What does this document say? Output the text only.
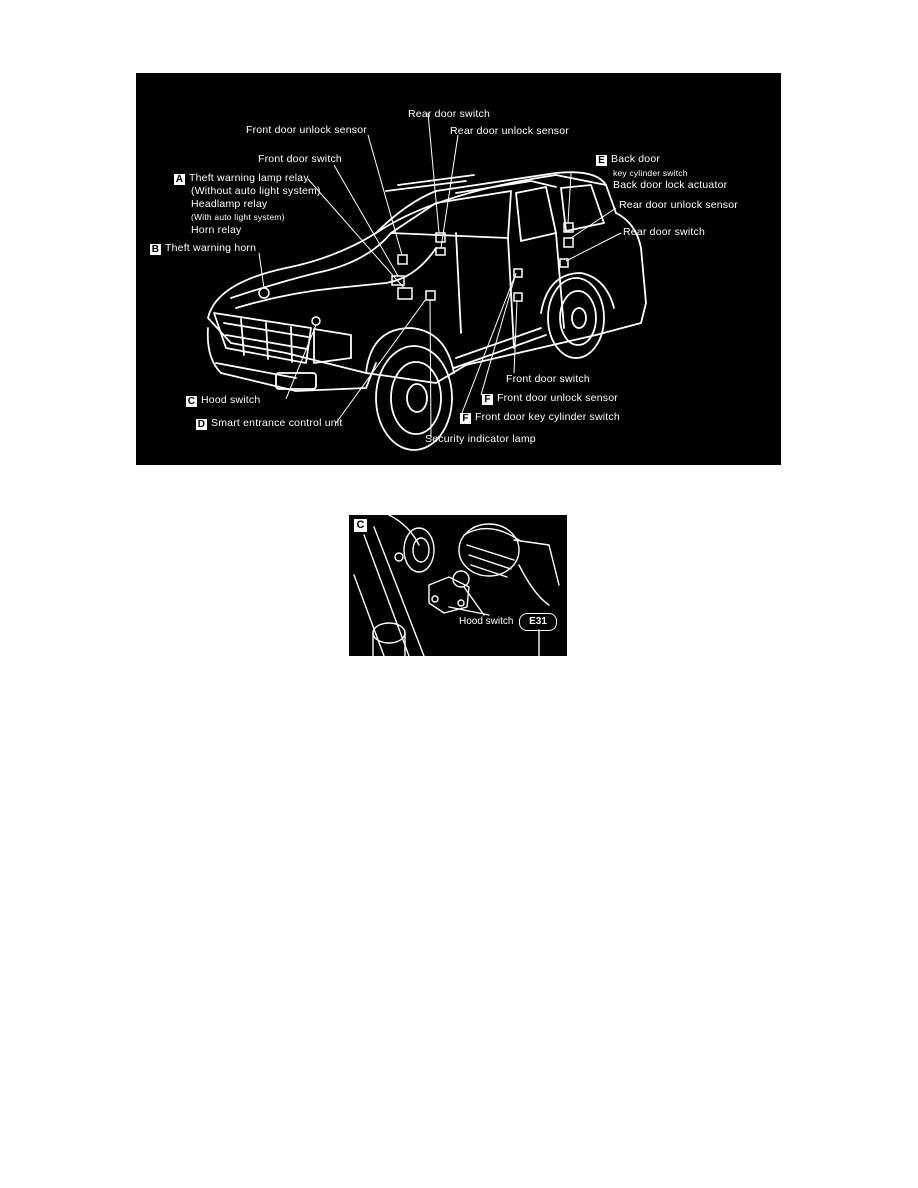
Rear door switch
Front door unlock sensor	Rear door unlock sensor
Front door switch
A Theft warning lamp relay
(Without auto light system)
Headlamp relay
(With auto light system)
Horn relay
B Theft warning horn
E Back door
key cylinder switch
Back door lock actuator
Rear door unlock sensor
Rear door switch
C Hood switch
D Smart entrance control unit
Front door switch
F Front door unlock sensor
F Front door key cylinder switch
Security indicator lamp
C
Hood switch	E31
